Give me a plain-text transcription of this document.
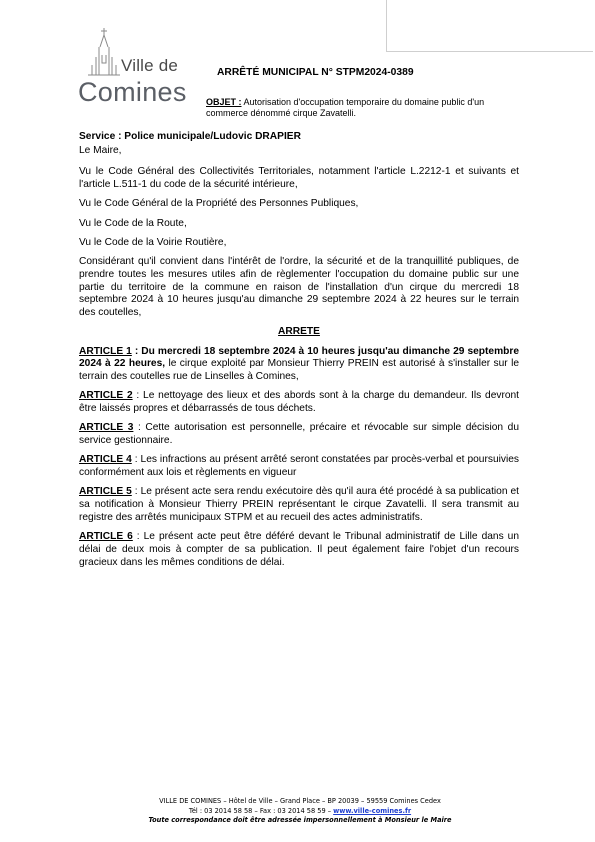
Ville de
Comines
ARRÊTÉ MUNICIPAL N° STPM2024-0389
OBJET : Autorisation d'occupation temporaire du domaine public d'un commerce dénommé cirque Zavatelli.

Service : Police municipale/Ludovic DRAPIER

Le Maire,

Vu le Code Général des Collectivités Territoriales, notamment l'article L.2212-1 et suivants et l'article L.511-1 du code de la sécurité intérieure,

Vu le Code Général de la Propriété des Personnes Publiques,

Vu le Code de la Route,

Vu le Code de la Voirie Routière,

Considérant qu'il convient dans l'intérêt de l'ordre, la sécurité et de la tranquillité publiques, de prendre toutes les mesures utiles afin de règlementer l'occupation du domaine public sur une partie du territoire de la commune en raison de l'installation d'un cirque du mercredi 18 septembre 2024 à 10 heures jusqu'au dimanche 29 septembre 2024 à 22 heures sur le terrain des coutelles,

ARRETE

ARTICLE 1 : Du mercredi 18 septembre 2024 à 10 heures jusqu'au dimanche 29 septembre 2024 à 22 heures, le cirque exploité par Monsieur Thierry PREIN est autorisé à s'installer sur le terrain des coutelles rue de Linselles à Comines,

ARTICLE 2 : Le nettoyage des lieux et des abords sont à la charge du demandeur. Ils devront être laissés propres et débarrassés de tous déchets.

ARTICLE 3 : Cette autorisation est personnelle, précaire et révocable sur simple décision du service gestionnaire.

ARTICLE 4 : Les infractions au présent arrêté seront constatées par procès-verbal et poursuivies conformément aux lois et règlements en vigueur

ARTICLE 5 : Le présent acte sera rendu exécutoire dès qu'il aura été procédé à sa publication et sa notification à Monsieur Thierry PREIN représentant le cirque Zavatelli. Il sera transmit au registre des arrêtés municipaux STPM et au recueil des actes administratifs.

ARTICLE 6 : Le présent acte peut être déféré devant le Tribunal administratif de Lille dans un délai de deux mois à compter de sa publication. Il peut également faire l'objet d'un recours gracieux dans les mêmes conditions de délai.

VILLE DE COMINES – Hôtel de Ville – Grand Place – BP 20039 – 59559 Comines Cedex
Tél : 03 2014 58 58 – Fax : 03 2014 58 59 – www.ville-comines.fr
Toute correspondance doit être adressée impersonnellement à Monsieur le Maire
